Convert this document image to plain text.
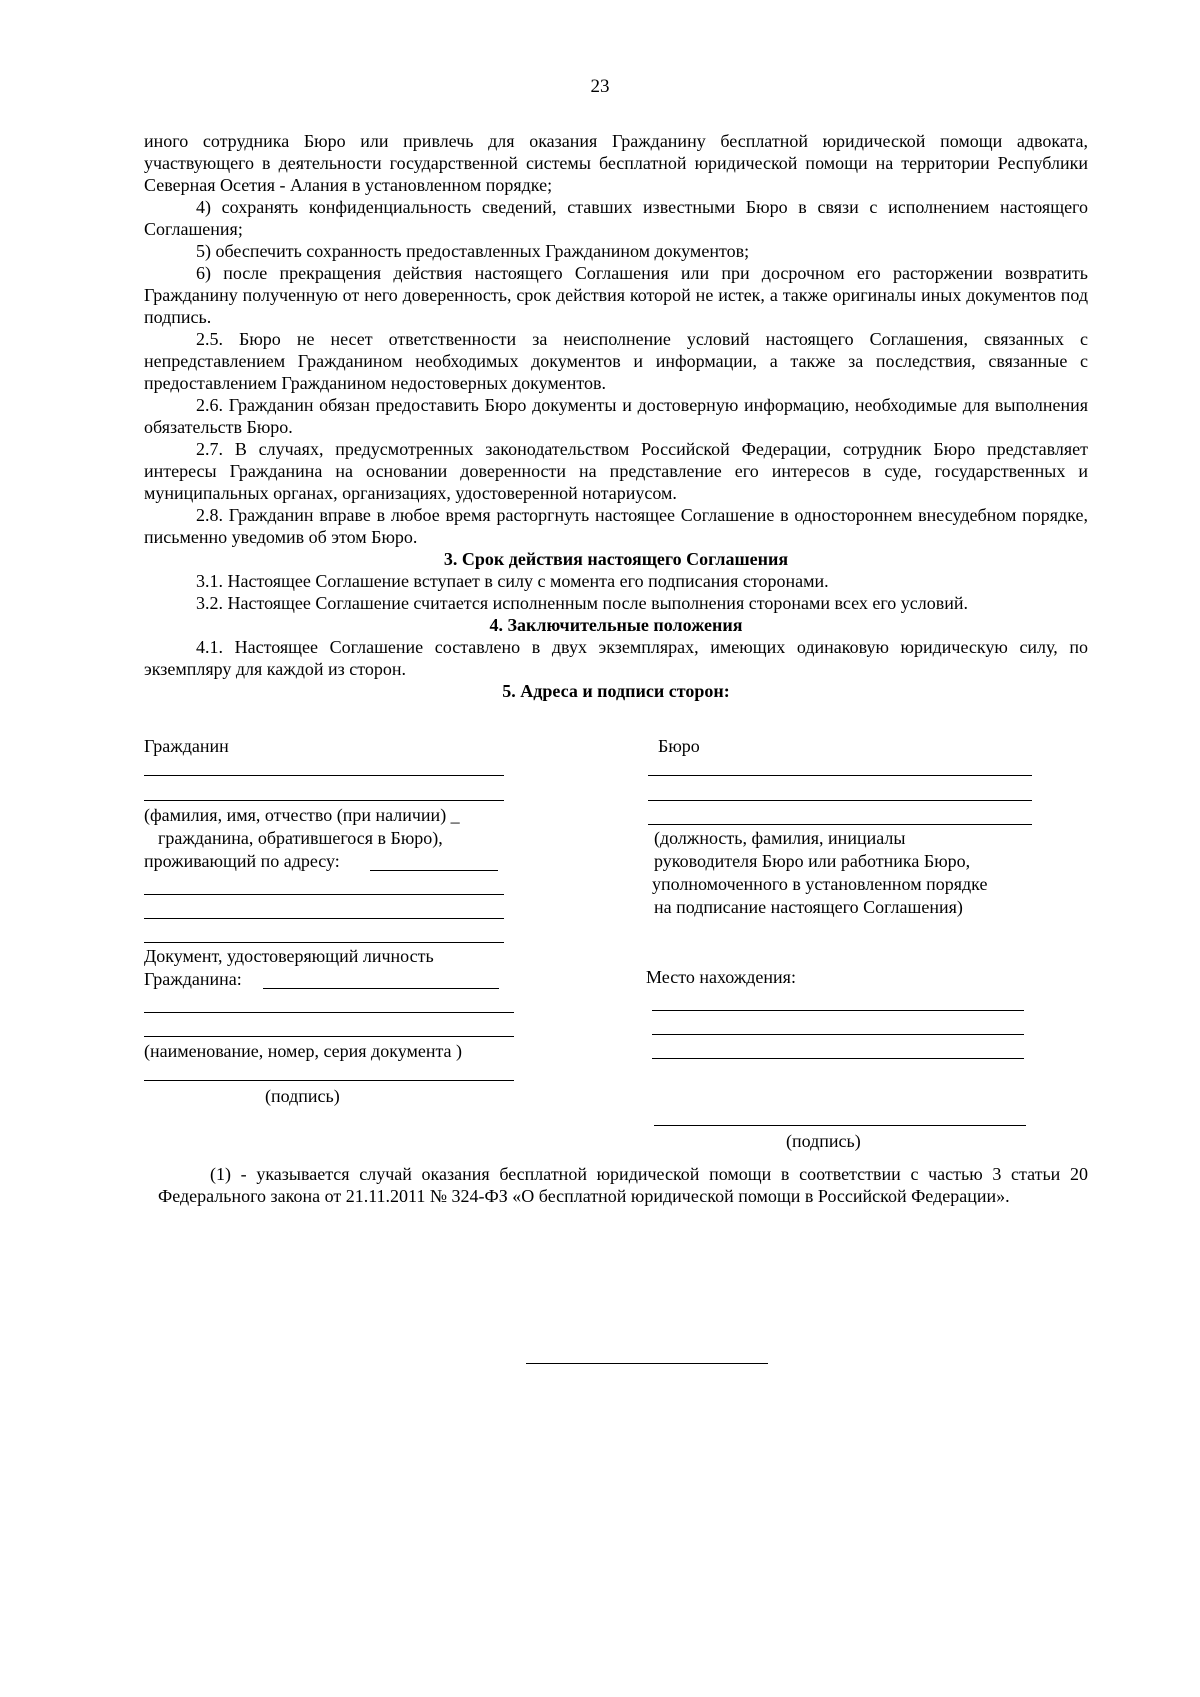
23

иного сотрудника Бюро или привлечь для оказания Гражданину бесплатной юридической помощи адвоката, участвующего в деятельности государственной системы бесплатной юридической помощи на территории Республики Северная Осетия - Алания в установленном порядке;

4) сохранять конфиденциальность сведений, ставших известными Бюро в связи с исполнением настоящего Соглашения;

5) обеспечить сохранность предоставленных Гражданином документов;

6) после прекращения действия настоящего Соглашения или при досрочном его расторжении возвратить Гражданину полученную от него доверенность, срок действия которой не истек, а также оригиналы иных документов под подпись.

2.5. Бюро не несет ответственности за неисполнение условий настоящего Соглашения, связанных с непредставлением Гражданином необходимых документов и информации, а также за последствия, связанные с предоставлением Гражданином недостоверных документов.

2.6. Гражданин обязан предоставить Бюро документы и достоверную информацию, необходимые для выполнения обязательств Бюро.

2.7. В случаях, предусмотренных законодательством Российской Федерации, сотрудник Бюро представляет интересы Гражданина на основании доверенности на представление его интересов в суде, государственных и муниципальных органах, организациях, удостоверенной нотариусом.

2.8. Гражданин вправе в любое время расторгнуть настоящее Соглашение в одностороннем внесудебном порядке, письменно уведомив об этом Бюро.

3. Срок действия настоящего Соглашения

3.1. Настоящее Соглашение вступает в силу с момента его подписания сторонами.

3.2. Настоящее Соглашение считается исполненным после выполнения сторонами всех его условий.

4. Заключительные положения

4.1. Настоящее Соглашение составлено в двух экземплярах, имеющих одинаковую юридическую силу, по экземпляру для каждой из сторон.

5. Адреса и подписи сторон:

Гражданин
(фамилия, имя, отчество (при наличии) _
гражданина, обратившегося в Бюро),
проживающий по адресу:
Документ, удостоверяющий личность
Гражданина:
(наименование, номер, серия документа )
(подпись)
Бюро
(должность, фамилия, инициалы
руководителя Бюро или работника Бюро,
уполномоченного в установленном порядке
на подписание настоящего Соглашения)
Место нахождения:
(подпись)

(1) - указывается случай оказания бесплатной юридической помощи в соответствии с частью 3 статьи 20 Федерального закона от 21.11.2011 № 324-ФЗ «О бесплатной юридической помощи в Российской Федерации».
